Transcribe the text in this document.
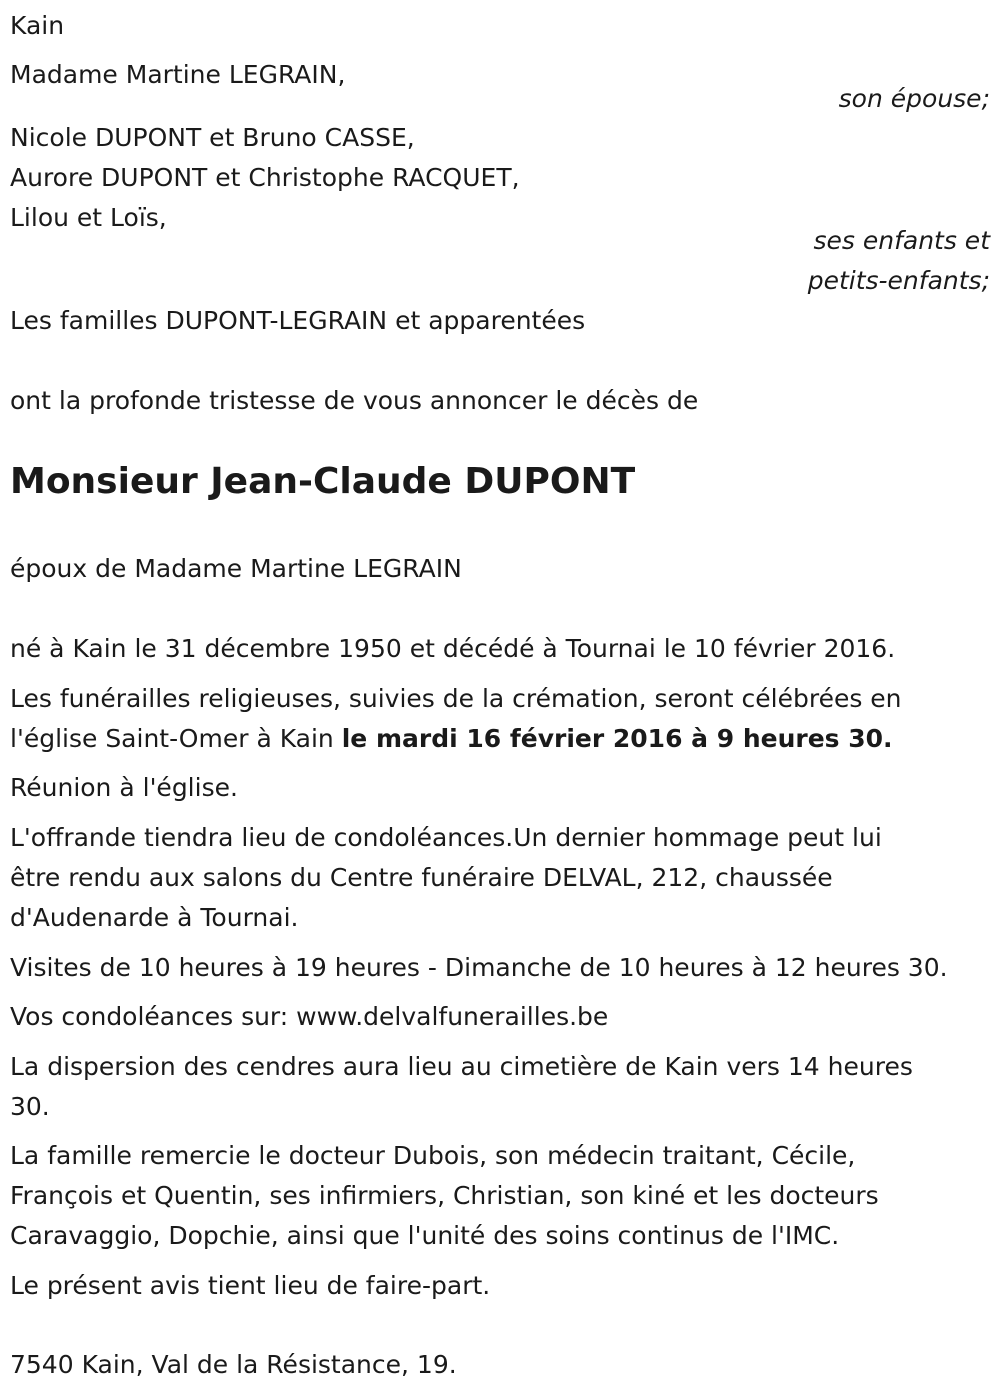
Kain

Madame Martine LEGRAIN,

son épouse;

Nicole DUPONT et Bruno CASSE,

Aurore DUPONT et Christophe RACQUET,

Lilou et Loïs,

ses enfants et
petits-enfants;

Les familles DUPONT-LEGRAIN et apparentées

ont la profonde tristesse de vous annoncer le décès de

Monsieur Jean-Claude DUPONT

époux de Madame Martine LEGRAIN

né à Kain le 31 décembre 1950 et décédé à Tournai le 10 février 2016.

Les funérailles religieuses, suivies de la crémation, seront célébrées en

l'église Saint-Omer à Kain le mardi 16 février 2016 à 9 heures 30.

Réunion à l'église.

L'offrande tiendra lieu de condoléances.Un dernier hommage peut lui

être rendu aux salons du Centre funéraire DELVAL, 212, chaussée

d'Audenarde à Tournai.

Visites de 10 heures à 19 heures - Dimanche de 10 heures à 12 heures 30.

Vos condoléances sur: www.delvalfunerailles.be

La dispersion des cendres aura lieu au cimetière de Kain vers 14 heures

30.

La famille remercie le docteur Dubois, son médecin traitant, Cécile,

François et Quentin, ses infirmiers, Christian, son kiné et les docteurs

Caravaggio, Dopchie, ainsi que l'unité des soins continus de l'IMC.

Le présent avis tient lieu de faire-part.

7540 Kain, Val de la Résistance, 19.
